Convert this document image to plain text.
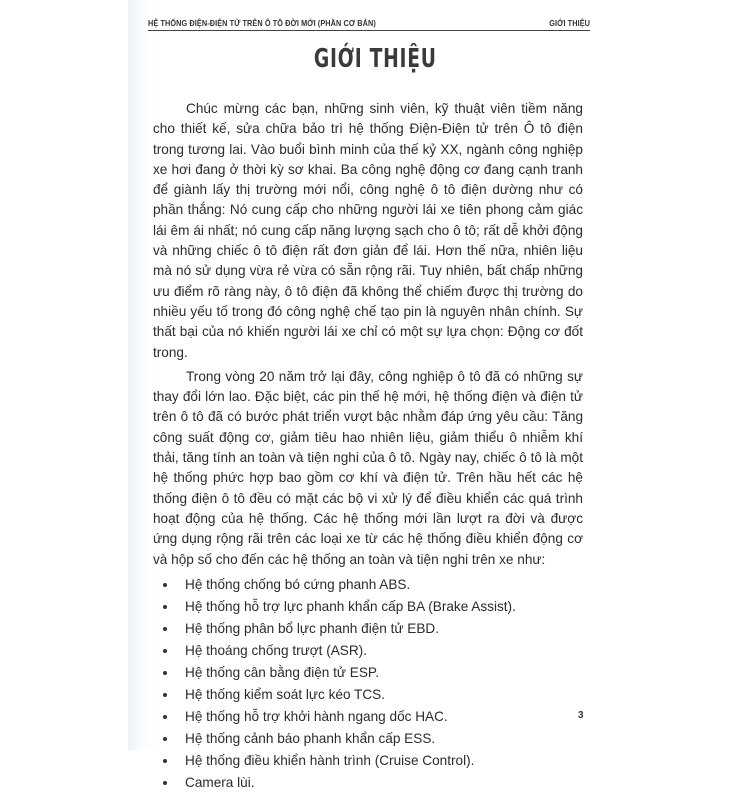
HỆ THỐNG ĐIỆN-ĐIỆN TỬ TRÊN Ô TÔ ĐỜI MỚI (PHẦN CƠ BẢN)	GIỚI THIỆU
GIỚI THIỆU

Chúc mừng các bạn, những sinh viên, kỹ thuật viên tiềm năng cho thiết kế, sửa chữa bảo trì hệ thống Điện-Điện tử trên Ô tô điện trong tương lai. Vào buổi bình minh của thế kỷ XX, ngành công nghiệp xe hơi đang ở thời kỳ sơ khai. Ba công nghệ động cơ đang cạnh tranh để giành lấy thị trường mới nổi, công nghệ ô tô điện dường như có phần thắng: Nó cung cấp cho những người lái xe tiên phong cảm giác lái êm ái nhất; nó cung cấp năng lượng sạch cho ô tô; rất dễ khởi động và những chiếc ô tô điện rất đơn giản để lái. Hơn thế nữa, nhiên liệu mà nó sử dụng vừa rẻ vừa có sẵn rộng rãi. Tuy nhiên, bất chấp những ưu điểm rõ ràng này, ô tô điện đã không thể chiếm được thị trường do nhiều yếu tố trong đó công nghệ chế tạo pin là nguyên nhân chính. Sự thất bại của nó khiến người lái xe chỉ có một sự lựa chọn: Động cơ đốt trong.

Trong vòng 20 năm trở lại đây, công nghiệp ô tô đã có những sự thay đổi lớn lao. Đặc biệt, các pin thế hệ mới, hệ thống điện và điện tử trên ô tô đã có bước phát triển vượt bậc nhằm đáp ứng yêu cầu: Tăng công suất động cơ, giảm tiêu hao nhiên liệu, giảm thiểu ô nhiễm khí thải, tăng tính an toàn và tiện nghi của ô tô. Ngày nay, chiếc ô tô là một hệ thống phức hợp bao gồm cơ khí và điện tử. Trên hầu hết các hệ thống điện ô tô đều có mặt các bộ vi xử lý để điều khiển các quá trình hoạt động của hệ thống. Các hệ thống mới lần lượt ra đời và được ứng dụng rộng rãi trên các loại xe từ các hệ thống điều khiển động cơ và hộp số cho đến các hệ thống an toàn và tiện nghi trên xe như:

Hệ thống chống bó cứng phanh ABS.
Hệ thống hỗ trợ lực phanh khẩn cấp BA (Brake Assist).
Hệ thống phân bổ lực phanh điện tử EBD.
Hệ thoáng chống trượt (ASR).
Hệ thống cân bằng điện tử ESP.
Hệ thống kiểm soát lực kéo TCS.
Hệ thống hỗ trợ khởi hành ngang dốc HAC.
Hệ thống cảnh báo phanh khẩn cấp ESS.
Hệ thống điều khiển hành trình (Cruise Control).
Camera lùi.
3
